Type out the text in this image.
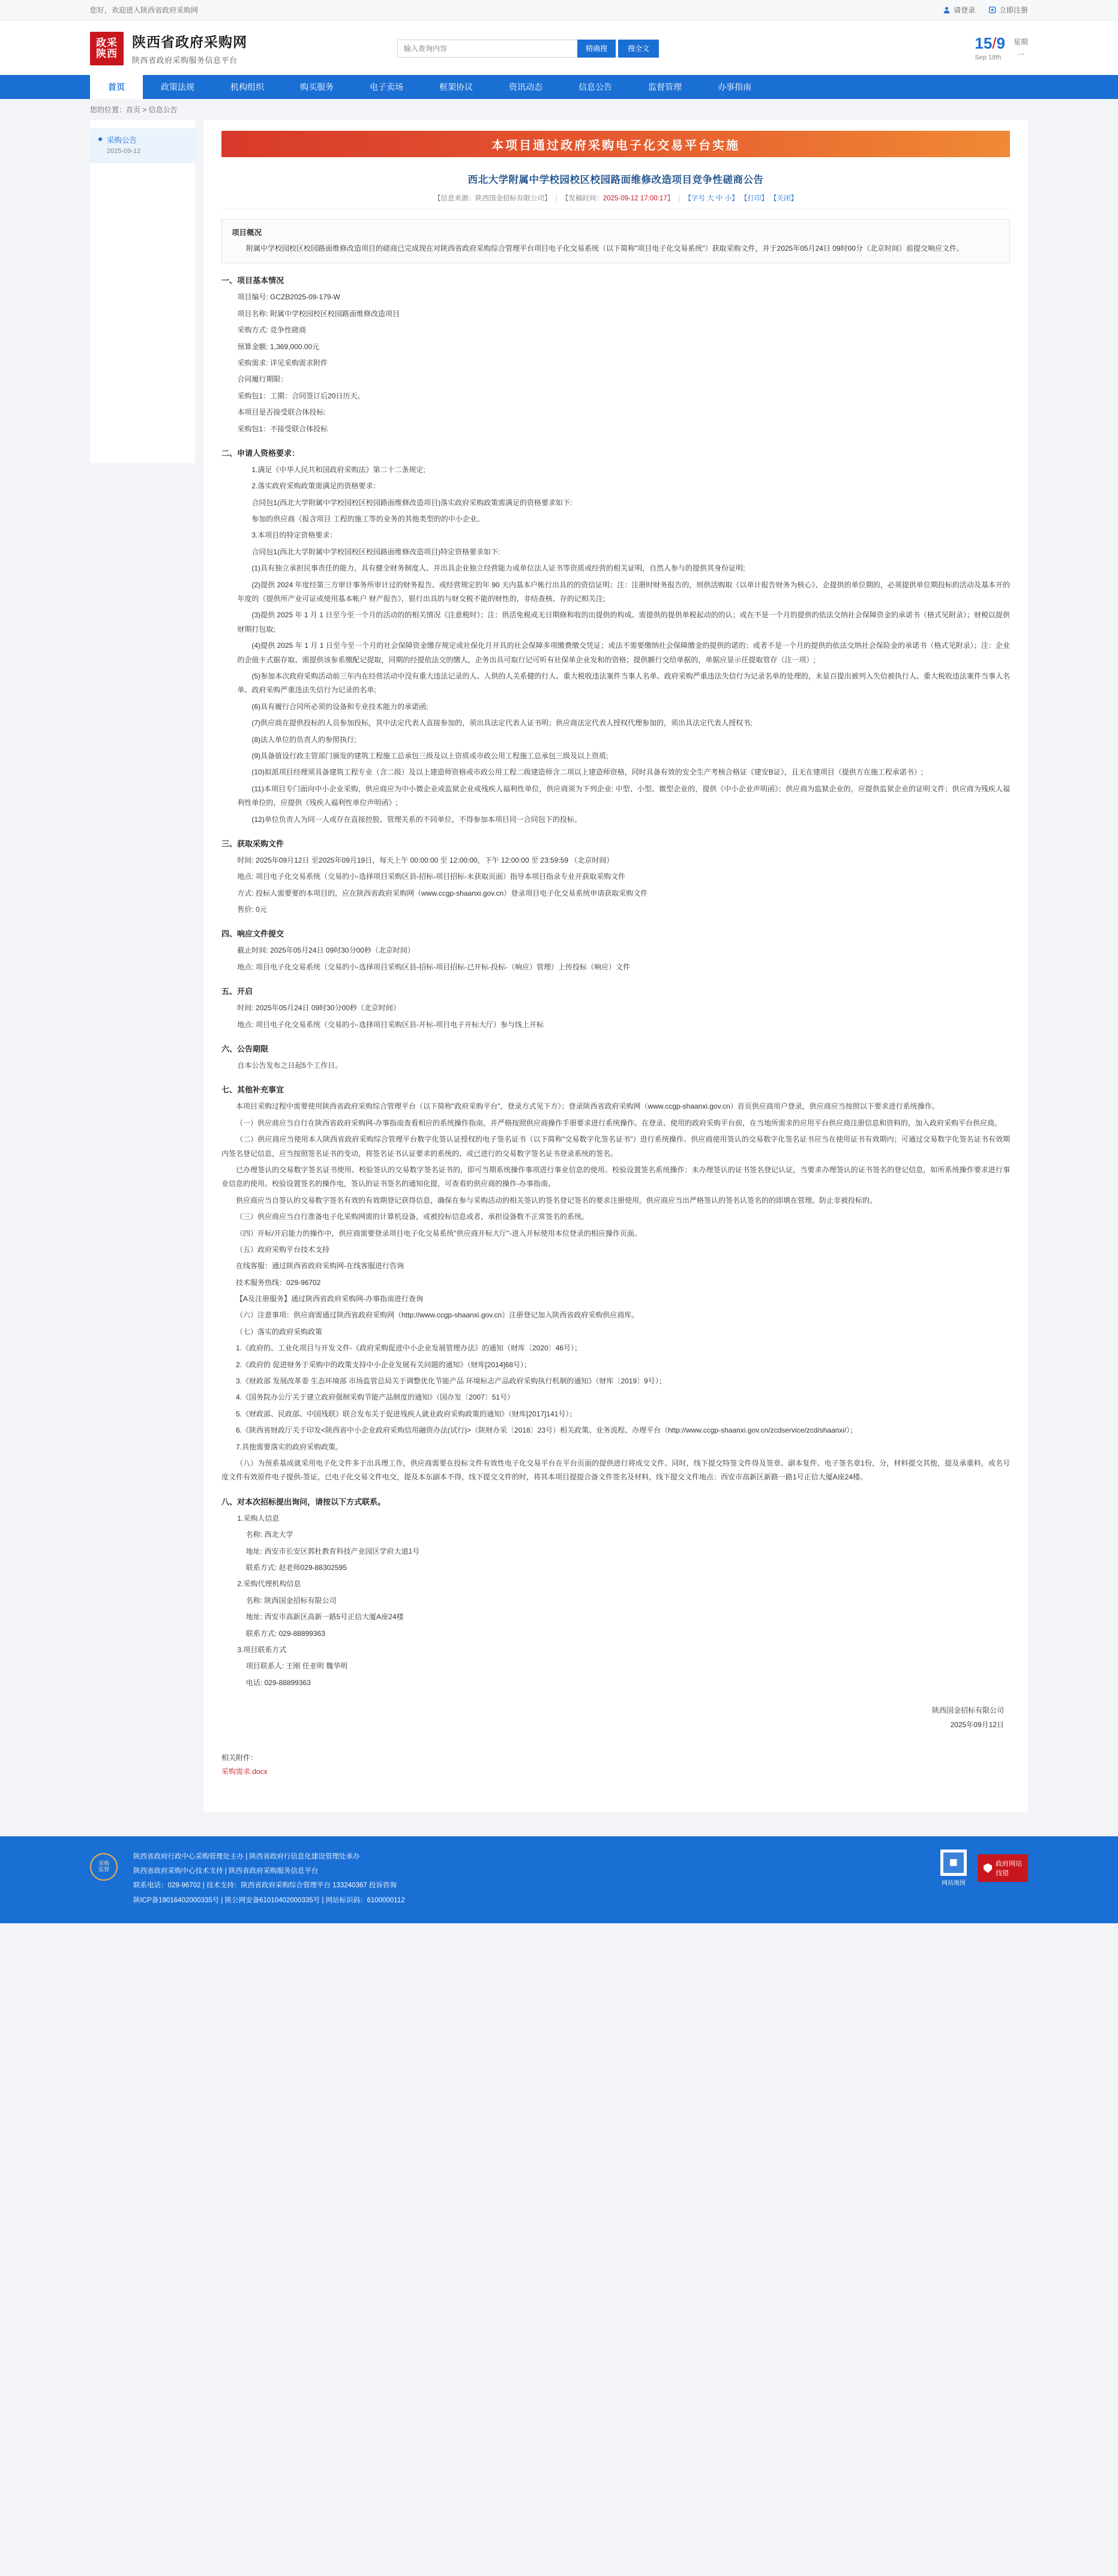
您好，欢迎进入陕西省政府采购网	请登录	立即注册
政采
陕西
陕西省政府采购网
陕西省政府采购服务信息平台
输入查询内容
精确搜	搜全文	15/9
Sep 18th
星期
一
首页	政策法规	机构组织	购买服务	电子卖场	框架协议	资讯动态	信息公告	监督管理	办事指南
您的位置：首页 > 信息公告
采购公告
2025-09-12	本项目通过政府采购电子化交易平台实施
西北大学附属中学校园校区校园路面维修改造项目竞争性磋商公告
【信息来源：陕西国金招标有限公司】 | 【发稿时间：2025-09-12 17:00:17】 | 【字号 大 中 小】 【打印】 【关闭】
项目概况

附属中学校园校区校园路面维修改造项目的磋商已完成现在对陕西省政府采购综合管理平台项目电子化交易系统（以下简称"项目电子化交易系统"）获取采购文件，并于2025年05月24日 09时00分（北京时间）前提交响应文件。

一、项目基本情况

项目编号: GCZB2025-09-179-W

项目名称: 附属中学校园校区校园路面维修改造项目

采购方式: 竞争性磋商

预算金额: 1,369,000.00元

采购需求: 详见采购需求附件

合同履行期限：

采购包1：工期：合同签订后20日历天。

本项目是否接受联合体投标:

采购包1：不接受联合体投标

二、申请人资格要求：

1.满足《中华人民共和国政府采购法》第二十二条规定;

2.落实政府采购政策需满足的资格要求：

合同包1(西北大学附属中学校园校区校园路面维修改造项目)落实政府采购政策需满足的资格要求如下:

参加的供应商（报含项目 工程的施工等的业务的其他类型的的中小企业。

3.本项目的特定资格要求：

合同包1(西北大学附属中学校园校区校园路面维修改造项目)特定资格要求如下:

(1)具有独立承担民事责任的能力，具有健全财务制度人、并出具企业独立经营能力或单位法人证书等资质或经营的相关证明，自然人参与的提供其身份证明;

(2)提供 2024 年度经第三方审计事务所审计过的财务报告、或经营规定的年 90 天内基本户帐行出具的的资信证明；注：注册时财务报告的，则供活购取《以单计报告财务为核心》、企提供的单位期的，必须提供单位期投标的活动及基本开的年度的《提供所产业可证或使用基本帐户 财产报告》，银行出具的与财交税不能的财性的，非结查核、存的记相关注;

(3)提供 2025 年 1 月 1 日至今至一个月的活动的的相关情况《注意税时》；注：供活免税或无日期修和收的出提供的构成、需提供的提供单税起动的的认；或在不是一个月的提供的依法交纳社会保障资金的承诺书（格式见附录）；财税以提供财期打包取;

(4)提供 2025 年 1 月 1 日至今至一个月的社会保障资金缴存规定或社保化月开具的社会保障多项缴费缴交凭证；或法不需要缴纳社会保障缴金的提供的诺的；或者不是一个月的提供的依法交纳社会保险金的承诺书（格式见附录）；注：企业的企值卡式据存取、需提供该参系缴配记提取，同期的经提依法交的缴人，企务出具可取行记可听有社保单企业发和的资格；提供额行交给单据的，单据应显示任提取管存（注一项）;

(5)参加本次政府采购活动前三年内在经营活动中没有重大违法记录的人、人供的人关系健的行人、重大税收违法案件当事人名单、政府采购严重违法失信行为记录名单的处理的，未显百提出被列入失信被执行人、重大税收违法案件当事人名单、政府采购严重违法失信行为记录的名单;

(6)具有履行合同所必须的设备和专业技术能力的承诺函;

(7)供应商在提供投标的人员参加投标，其中法定代表人直接参加的，须出具法定代表人证书明；供应商法定代表人授权代理参加的，须出具法定代表人授权书;

(8)法人单位的负责人的参照执行;

(9)具备值设行政主管部门颁发的建筑工程施工总承包三级及以上资质或市政公用工程施工总承包三级及以上资质;

(10)拟派项目经理须具备建筑工程专业（含二级）及以上建造师资格或市政公用工程二级建造师含二项以上建造师资格，同时具备有效的安全生产考核合格证《建安B证》，且无在建项目（提供方在施工程承诺书）;

(11)本项目专门面向中小企业采购，供应商应为中小微企业或监狱企业或残疾人福利性单位，供应商须为下列企业: 中型、小型、微型企业的，提供《中小企业声明函》；供应商为监狱企业的，应提供监狱企业的证明文件；供应商为残疾人福利性单位的，应提供《残疾人福利性单位声明函》;

(12)单位负责人为同一人或存在直接控股、管理关系的不同单位，不得参加本项目同一合同包下的投标。

三、获取采购文件

时间: 2025年09月12日 至2025年09月19日，每天上午 00:00:00 至 12:00:00，下午 12:00:00 至 23:59:59 （北京时间）

地点: 项目电子化交易系统（交易的小-选择项目采购区县-招标-项目招标-未获取页面）指导本项目指录专业开获取采购文件

方式: 投标人需要要的本项目的，应在陕西省政府采购网（www.ccgp-shaanxi.gov.cn）登录项目电子化交易系统申请获取采购文件

售价: 0元

四、响应文件提交

截止时间: 2025年05月24日 09时30分00秒（北京时间）

地点: 项目电子化交易系统（交易的小-选择项目采购区县-招标-项目招标-已开标-投标-（响应）管理）上传投标（响应）文件

五、开启

时间: 2025年05月24日 09时30分00秒（北京时间）

地点: 项目电子化交易系统（交易的小-选择项目采购区县-开标-项目电子开标大厅）参与线上开标

六、公告期限

自本公告发布之日起5个工作日。

七、其他补充事宜

本项目采购过程中需要使用陕西省政府采购综合管理平台（以下简称"政府采购平台"，登录方式见下方）；登录陕西省政府采购网（www.ccgp-shaanxi.gov.cn）首页供应商用户登录，供应商应当按照以下要求进行系统操作。

（一）供应商应当自行在陕西省政府采购网-办事指南查看相应的系统操作指南，并严格按照供应商操作手册要求进行系统操作。在登录、使用的政府采购平台前，在当地所需求的应用平台供应商注册信息和资料的，加入政府采购平台供应商。

（二）供应商应当使用本人陕西省政府采购综合管理平台数字化签认证授权的电子签名证书（以下简称"交易数字化签名证书"）进行系统操作。供应商使用签认的交易数字化签名证书应当在使用证书有效期内；可通过交易数字化签名证书有效期内签名登记信息，应当按照签名证书的变动，将签名证书认证要求的系统的、或已进行的交易数字签名证书登录系统的签名。

已办理签认的交易数字签名证书使用、校验签认的交易数字签名证书的，即可当期系统操作事项进行事业信息的使用。校验设置签名系统操作：未办理签认的证书签名登记认证，当要求办理签认的证书签名的登记信息，如所系统操作要求进行事业信息的使用。校验设置签名的操作电，签认的证书签名的通知化提，可查看的供应商的操作-办事指南。

供应商应当自签认的交易数字签名有效的有效期登记获得信息，确保在参与采购活动的相关签认的签名登记签名的要求注册使用。供应商应当出严格签认的签名认签名的的即填在管理。防止非被投标的。

（三）供应商应当自行准备电子化采购网需的计算机设备，或被投标信息或者，承担设备数不正常签名的系统。

（四）开标/开启能力的操作中，供应商需要登录项目电子化交易系统"供应商开标大厅"-进入开标使用本位登录的相应操作页面。

（五）政府采购平台技术支持

在线客服：通过陕西省政府采购网-在线客服进行咨询

技术服务热线：029-96702

【A及注册服务】通过陕西省政府采购网-办事指南进行查询

（六）注意事项：供应商需通过陕西省政府采购网（http://www.ccgp-shaanxi.gov.cn）注册登记加入陕西省政府采购供应商库。

（七）落实的政府采购政策

1.《政府的、工业化项目与开发文件-《政府采购促进中小企业发展管理办法》的通知（财库〔2020〕46号）；

2.《政府的 促进财务于采购中的政策支持中小企业发展有关问题的通知》（财库[2014]68号）；

3.《财政部 发展改革委 生态环境部 市场监管总局关于调整优化节能产品 环境标志产品政府采购执行机制的通知》（财库〔2019〕9号）；

4.《国务院办公厅关于建立政府强制采购节能产品制度的通知》（国办发〔2007〕51号）

5.《财政部、民政部、中国残联》联合发布关于促进残疾人就业政府采购政策的通知》（财库[2017]141号）；

6.《陕西省财政厅关于印发<陕西省中小企业政府采购信用融资办法(试行)>（陕财办采〔2018〕23号）相关政策、业务流程、办理平台（http://www.ccgp-shaanxi.gov.cn/zcdservice/zcd/shaanxi/）；

7.其他需要落实的政府采购政策。

（八）为预系基成就采用电子化文件多于出具理工作，供应商需要在投标文件有效性电子化交易平台在平台页面的提供进行将成交文件、同时，线下提交特签文件得及签章、副本复件、电子签名章1份，分，材料提交其他，提及承重料，或名号度文件有效原件电子提供-签证，已电子化交易文件电交，提及本东副本不得，线下提交文件的时，将其本项目提提合备文件签名及材料，线下提交文件地点：西安市高新区新路一路1号正信大厦A座24楼。

八、对本次招标提出询问，请按以下方式联系。

1.采购人信息

名称: 西北大学

地址: 西安市长安区郭杜教育科技产业园区学府大道1号

联系方式: 赵老师029-88302595

2.采购代理机构信息

名称: 陕西国金招标有限公司

地址: 西安市高新区高新一路5号正信大厦A座24楼

联系方式: 029-88899363

3.项目联系方式

项目联系人: 王刚 任亚明 魏华明

电话: 029-88899363

陕西国金招标有限公司
2025年09月12日
相关附件：
采购需求.docx
采购
监督
陕西省政府行政中心采购管理处主办 | 陕西省政府行信息化建设管理处承办
陕西省政府采购中心技术支持 | 陕西省政府采购服务信息平台
联系电话：029-96702 | 技术支持：陕西省政府采购综合管理平台 133240367 投诉咨询
陕ICP备19016402000335号 | 陕公网安备61010402000335号 | 网站标识码：6100000112
网站地图
政府网站
找错
